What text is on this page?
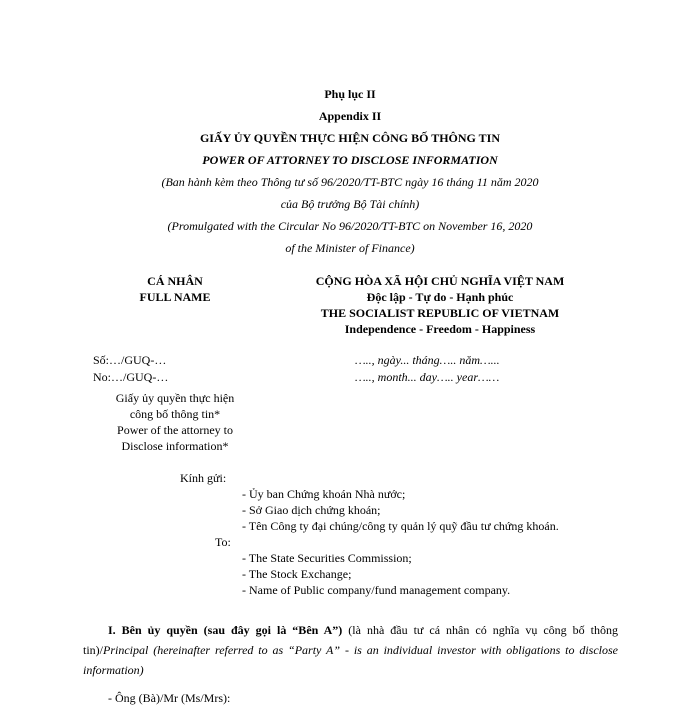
Phụ lục II
Appendix II
GIẤY ỦY QUYỀN THỰC HIỆN CÔNG BỐ THÔNG TIN
POWER OF ATTORNEY TO DISCLOSE INFORMATION
(Ban hành kèm theo Thông tư số 96/2020/TT-BTC ngày 16 tháng 11 năm 2020
của Bộ trưởng Bộ Tài chính)
(Promulgated with the Circular No 96/2020/TT-BTC on November 16, 2020
of the Minister of Finance)
CÁ NHÂN
FULL NAME
CỘNG HÒA XÃ HỘI CHỦ NGHĨA VIỆT NAM
Độc lập - Tự do - Hạnh phúc
THE SOCIALIST REPUBLIC OF VIETNAM
Independence - Freedom - Happiness
Số:…/GUQ-…
No:…/GUQ-…
….., ngày... tháng….. năm…...
….., month... day….. year……
Giấy ủy quyền thực hiện
công bố thông tin*
Power of the attorney to
Disclose information*
Kính gửi:
- Ủy ban Chứng khoán Nhà nước;
- Sở Giao dịch chứng khoán;
- Tên Công ty đại chúng/công ty quản lý quỹ đầu tư chứng khoán.
To:
- The State Securities Commission;
- The Stock Exchange;
- Name of Public company/fund management company.
I. Bên ủy quyền (sau đây gọi là “Bên A”) (là nhà đầu tư cá nhân có nghĩa vụ công bố thông tin)/Principal (hereinafter referred to as “Party A” - is an individual investor with obligations to disclose information)
- Ông (Bà)/Mr (Ms/Mrs):
